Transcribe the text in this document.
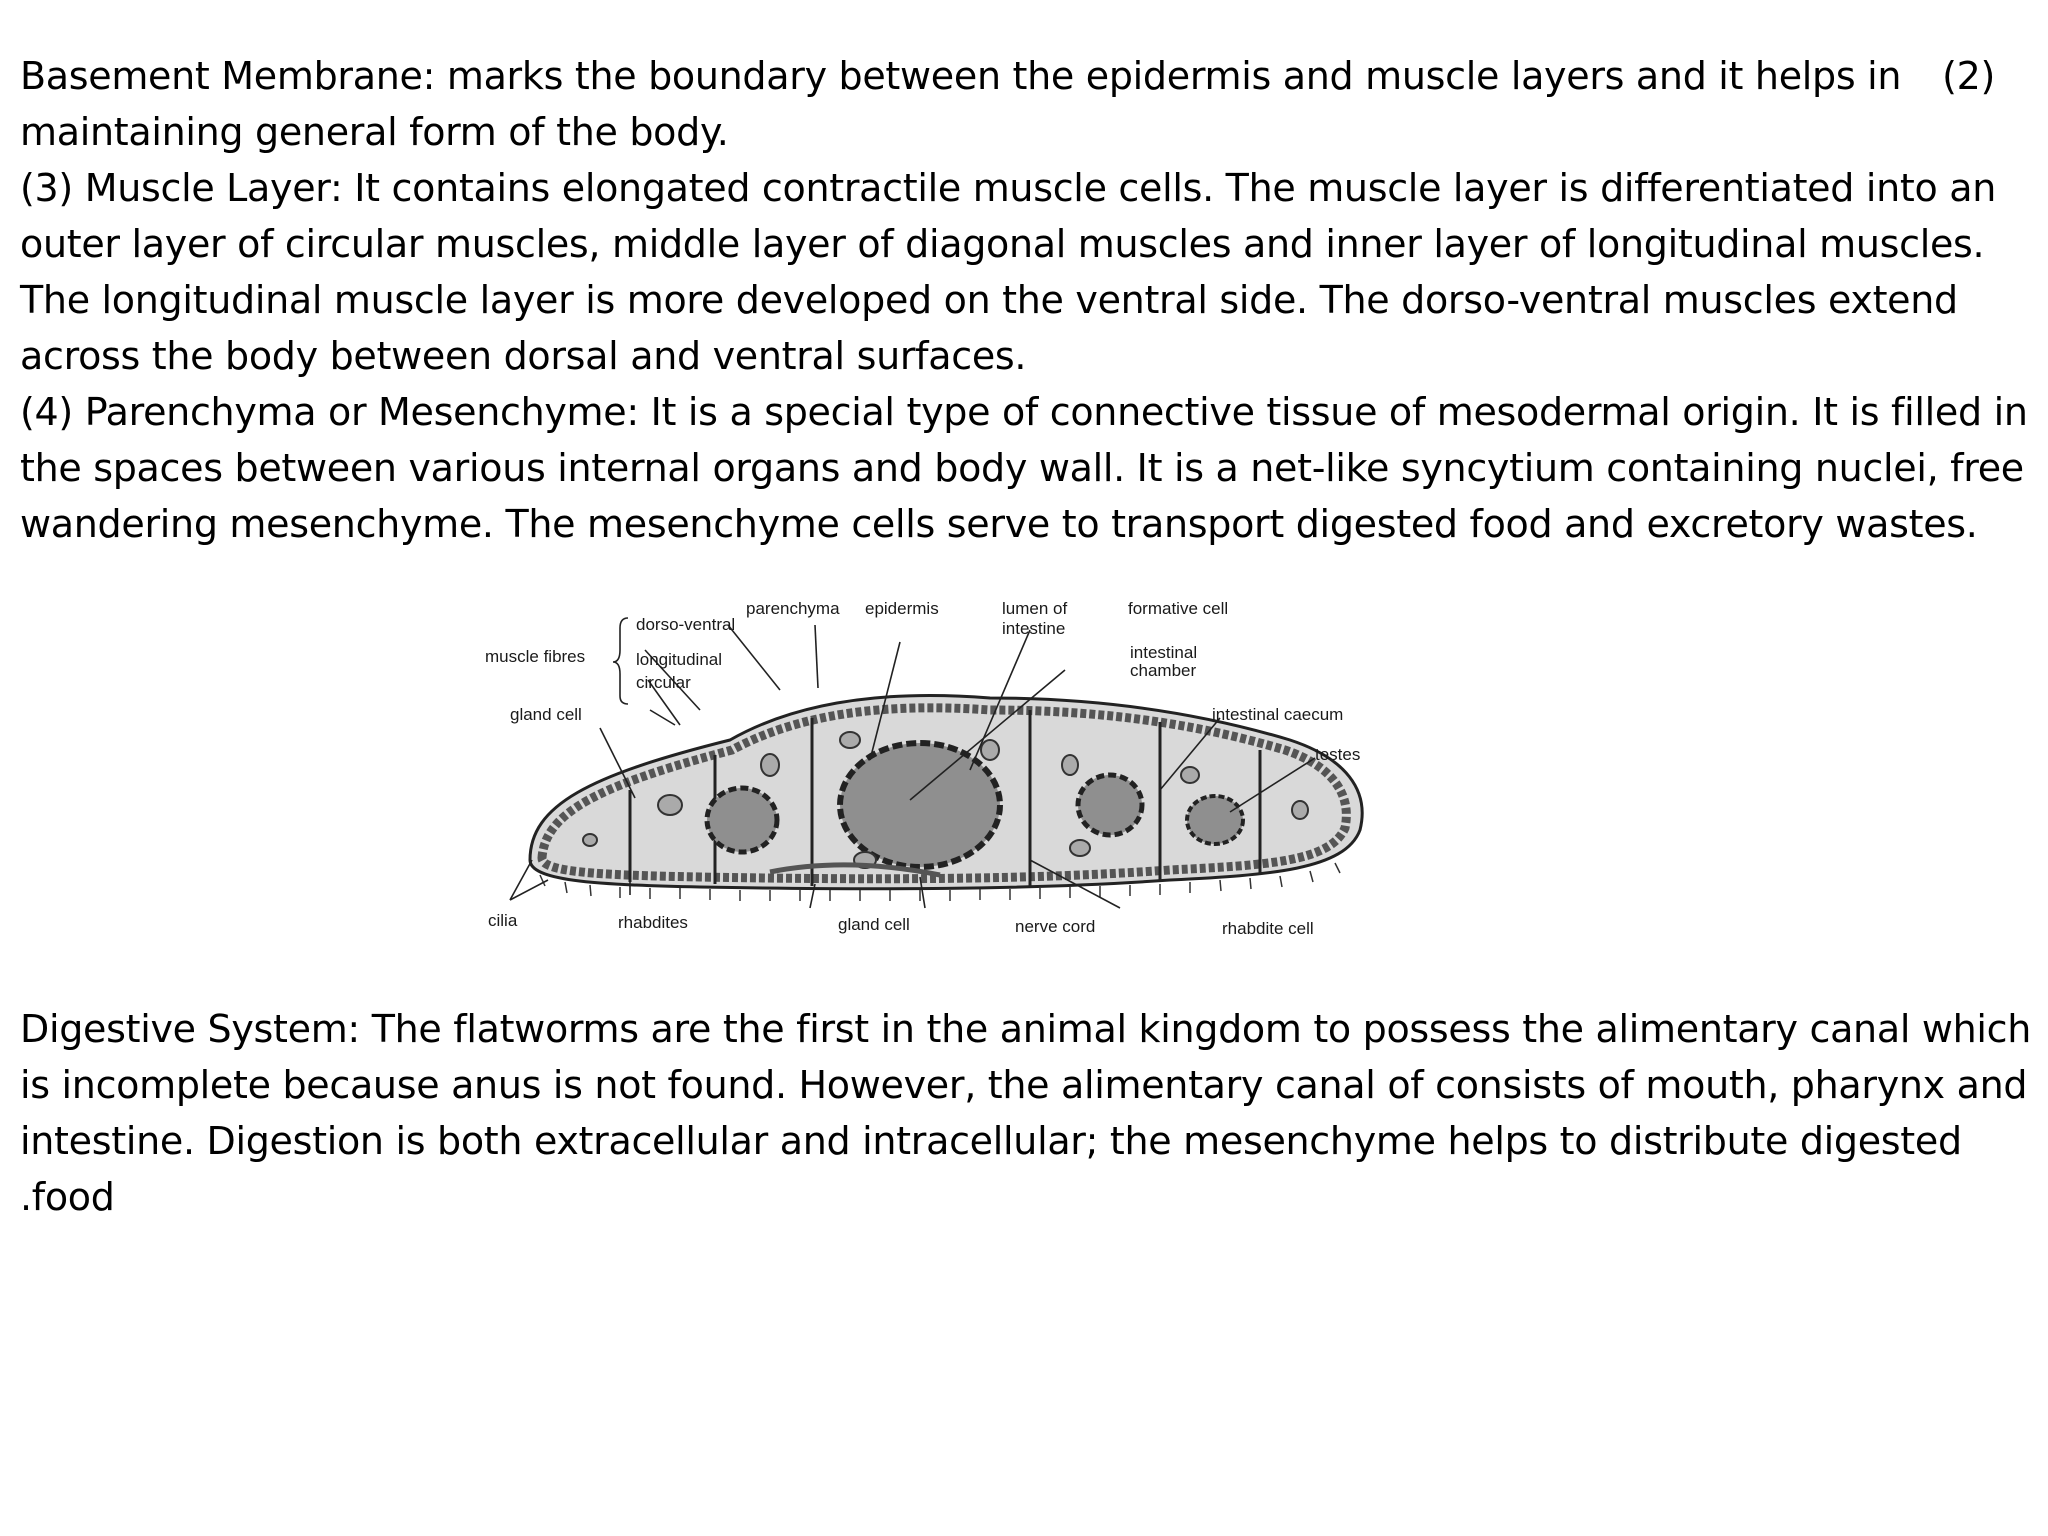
Basement Membrane: marks the boundary between the epidermis and muscle layers and it helps in (2)
maintaining general form of the body.
(3) Muscle Layer: It contains elongated contractile muscle cells. The muscle layer is differentiated into an
outer layer of circular muscles, middle layer of diagonal muscles and inner layer of longitudinal muscles.
The longitudinal muscle layer is more developed on the ventral side. The dorso-ventral muscles extend
across the body between dorsal and ventral surfaces.
(4) Parenchyma or Mesenchyme: It is a special type of connective tissue of mesodermal origin. It is filled in
the spaces between various internal organs and body wall. It is a net-like syncytium containing nuclei, free
wandering mesenchyme. The mesenchyme cells serve to transport digested food and excretory wastes.
parenchyma epidermis	lumen of
intestine
formative cell
dorso-ventral
muscle fibres	longitudinal
circular
intestinal
chamber
gland cell	intestinal caecum
testes
cilia	rhabdites	gland cell	nerve cord	rhabdite cell
Digestive System: The flatworms are the first in the animal kingdom to possess the alimentary canal which
is incomplete because anus is not found. However, the alimentary canal of consists of mouth, pharynx and
intestine. Digestion is both extracellular and intracellular; the mesenchyme helps to distribute digested
.food
